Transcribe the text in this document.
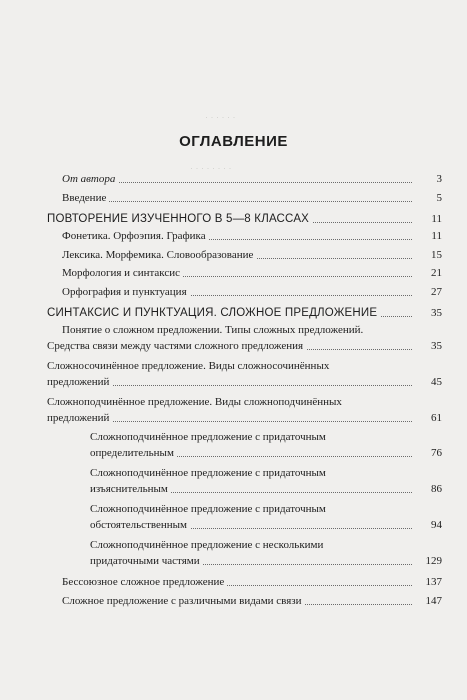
· · · · · ·
· · · · · · · ·
ОГЛАВЛЕНИЕ
От автора	3
Введение	5
ПОВТОРЕНИЕ ИЗУЧЕННОГО В 5—8 КЛАССАХ	11
Фонетика. Орфоэпия. Графика	11
Лексика. Морфемика. Словообразование	15
Морфология и синтаксис	21
Орфография и пунктуация	27
СИНТАКСИС И ПУНКТУАЦИЯ. СЛОЖНОЕ ПРЕДЛОЖЕНИЕ	35
Понятие о сложном предложении. Типы сложных предложений.
Средства связи между частями сложного предложения	35
Сложносочинённое предложение. Виды сложносочинённых
предложений	45
Сложноподчинённое предложение. Виды сложноподчинённых
предложений	61
Сложноподчинённое предложение с придаточным
определительным	76
Сложноподчинённое предложение с придаточным
изъяснительным	86
Сложноподчинённое предложение с придаточным
обстоятельственным	94
Сложноподчинённое предложение с несколькими
придаточными частями	129
Бессоюзное сложное предложение	137
Сложное предложение с различными видами связи	147
